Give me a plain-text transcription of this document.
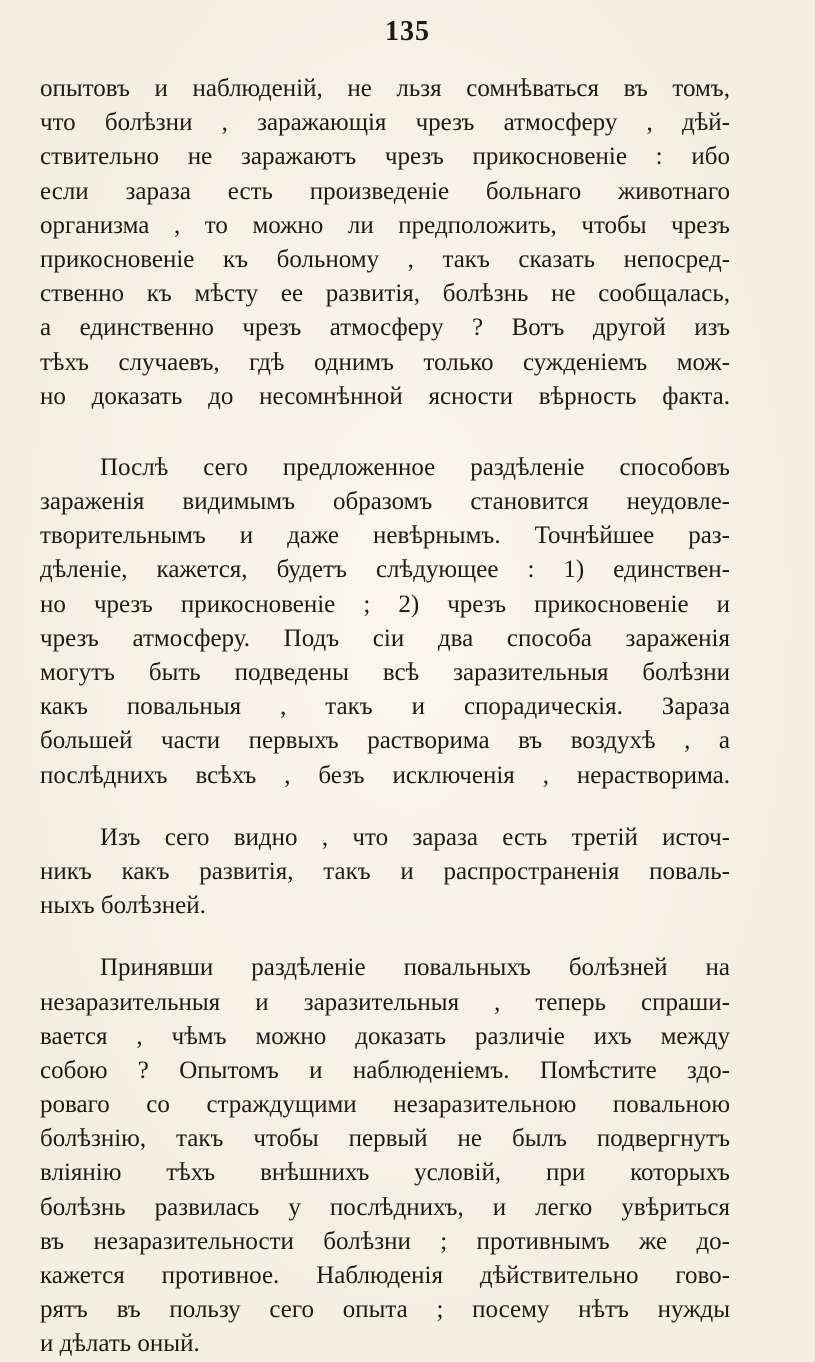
135
опытовъ и наблюденій, не льзя сомнѣваться въ томъ,
что болѣзни , заражающія чрезъ атмосферу , дѣй-
ствительно не заражаютъ чрезъ прикосновеніе : ибо
если зараза есть произведеніе больнаго животнаго
организма , то можно ли предположить, чтобы чрезъ
прикосновеніе къ больному , такъ сказать непосред-
ственно къ мѣсту ее развитія, болѣзнь не сообщалась,
а единственно чрезъ атмосферу ? Вотъ другой изъ
тѣхъ случаевъ, гдѣ однимъ только сужденіемъ мож-
но доказать до несомнѣнной ясности вѣрность факта.
Послѣ сего предложенное раздѣленіе способовъ
зараженія видимымъ образомъ становится неудовле-
творительнымъ и даже невѣрнымъ. Точнѣйшее раз-
дѣленіе, кажется, будетъ слѣдующее : 1) единствен-
но чрезъ прикосновеніе ; 2) чрезъ прикосновеніе и
чрезъ атмосферу. Подъ сіи два способа зараженія
могутъ быть подведены всѣ заразительныя болѣзни
какъ повальныя , такъ и спорадическія. Зараза
большей части первыхъ растворима въ воздухѣ , а
послѣднихъ всѣхъ , безъ исключенія , нерастворима.
Изъ сего видно , что зараза есть третій источ-
никъ какъ развитія, такъ и распространенія поваль-
ныхъ болѣзней.
Принявши раздѣленіе повальныхъ болѣзней на
незаразительныя и заразительныя , теперь спраши-
вается , чѣмъ можно доказать различіе ихъ между
собою ? Опытомъ и наблюденіемъ. Помѣстите здо-
роваго со страждущими незаразительною повальною
болѣзнію, такъ чтобы первый не былъ подвергнутъ
вліянію тѣхъ внѣшнихъ условій, при которыхъ
болѣзнь развилась у послѣднихъ, и легко увѣриться
въ незаразительности болѣзни ; противнымъ же до-
кажется противное. Наблюденія дѣйствительно гово-
рятъ въ пользу сего опыта ; посему нѣтъ нужды
и дѣлать оный.
